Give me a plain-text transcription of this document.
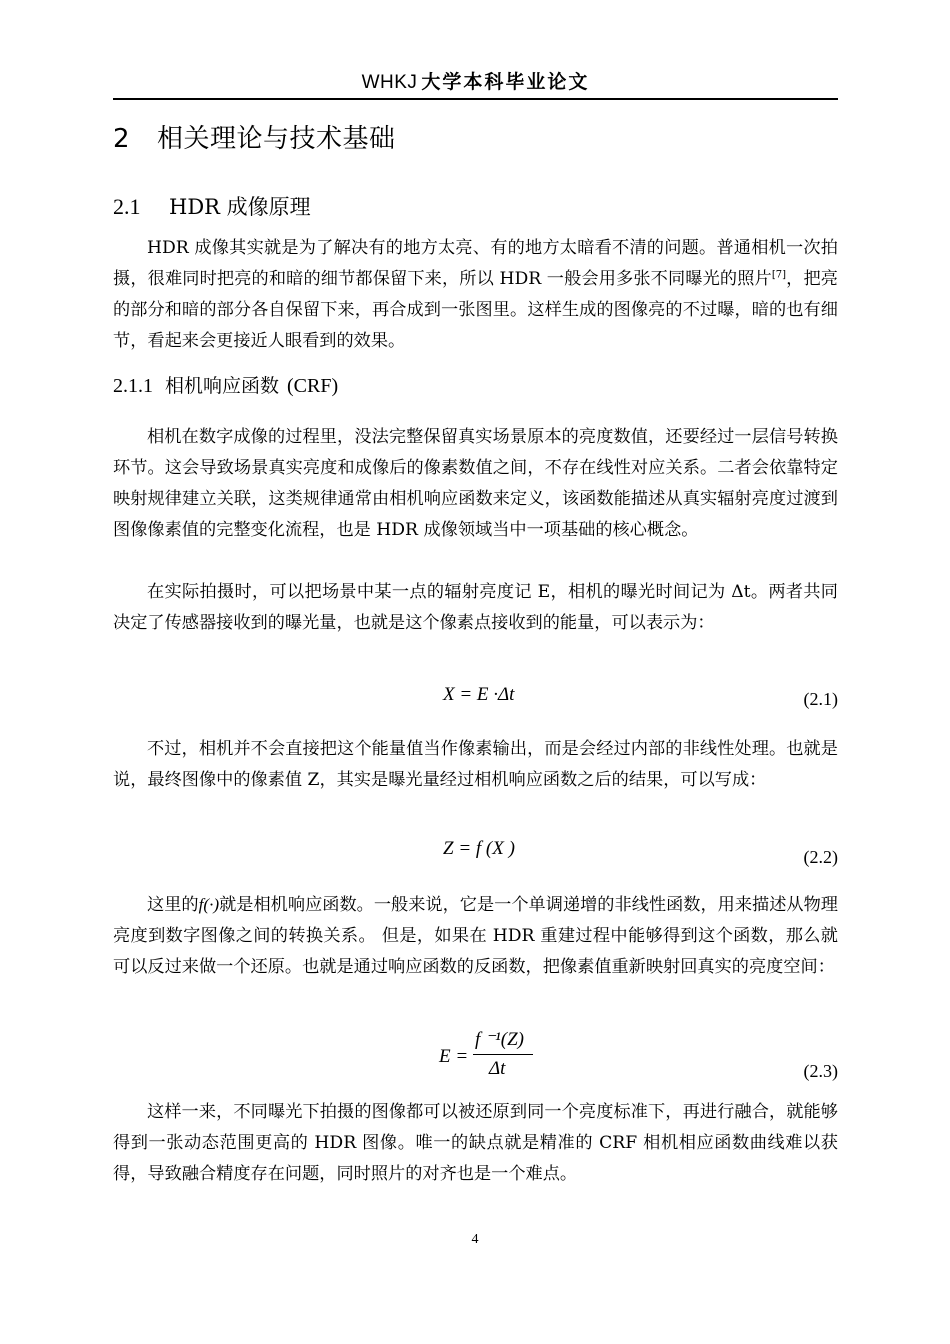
WHKJ 大学本科毕业论文
2 相关理论与技术基础
2.1 HDR 成像原理

HDR 成像其实就是为了解决有的地方太亮、有的地方太暗看不清的问题。普通相机一次拍摄，很难同时把亮的和暗的细节都保留下来，所以 HDR 一般会用多张不同曝光的照片[7]，把亮的部分和暗的部分各自保留下来，再合成到一张图里。这样生成的图像亮的不过曝，暗的也有细节，看起来会更接近人眼看到的效果。

2.1.1 相机响应函数 (CRF)

相机在数字成像的过程里，没法完整保留真实场景原本的亮度数值，还要经过一层信号转换环节。这会导致场景真实亮度和成像后的像素数值之间，不存在线性对应关系。二者会依靠特定映射规律建立关联，这类规律通常由相机响应函数来定义，该函数能描述从真实辐射亮度过渡到图像像素值的完整变化流程，也是 HDR 成像领域当中一项基础的核心概念。

在实际拍摄时，可以把场景中某一点的辐射亮度记 E，相机的曝光时间记为 Δt。两者共同决定了传感器接收到的曝光量，也就是这个像素点接收到的能量，可以表示为：

X = E ·Δt	(2.1)

不过，相机并不会直接把这个能量值当作像素输出，而是会经过内部的非线性处理。也就是说，最终图像中的像素值 Z，其实是曝光量经过相机响应函数之后的结果，可以写成：

Z = f (X )	(2.2)

这里的f(·)就是相机响应函数。一般来说，它是一个单调递增的非线性函数，用来描述从物理亮度到数字图像之间的转换关系。 但是，如果在 HDR 重建过程中能够得到这个函数，那么就可以反过来做一个还原。也就是通过响应函数的反函数，把像素值重新映射回真实的亮度空间：

E =
f ⁻¹(Z)
Δt	(2.3)

这样一来，不同曝光下拍摄的图像都可以被还原到同一个亮度标准下，再进行融合，就能够得到一张动态范围更高的 HDR 图像。唯一的缺点就是精准的 CRF 相机相应函数曲线难以获得，导致融合精度存在问题，同时照片的对齐也是一个难点。

4
